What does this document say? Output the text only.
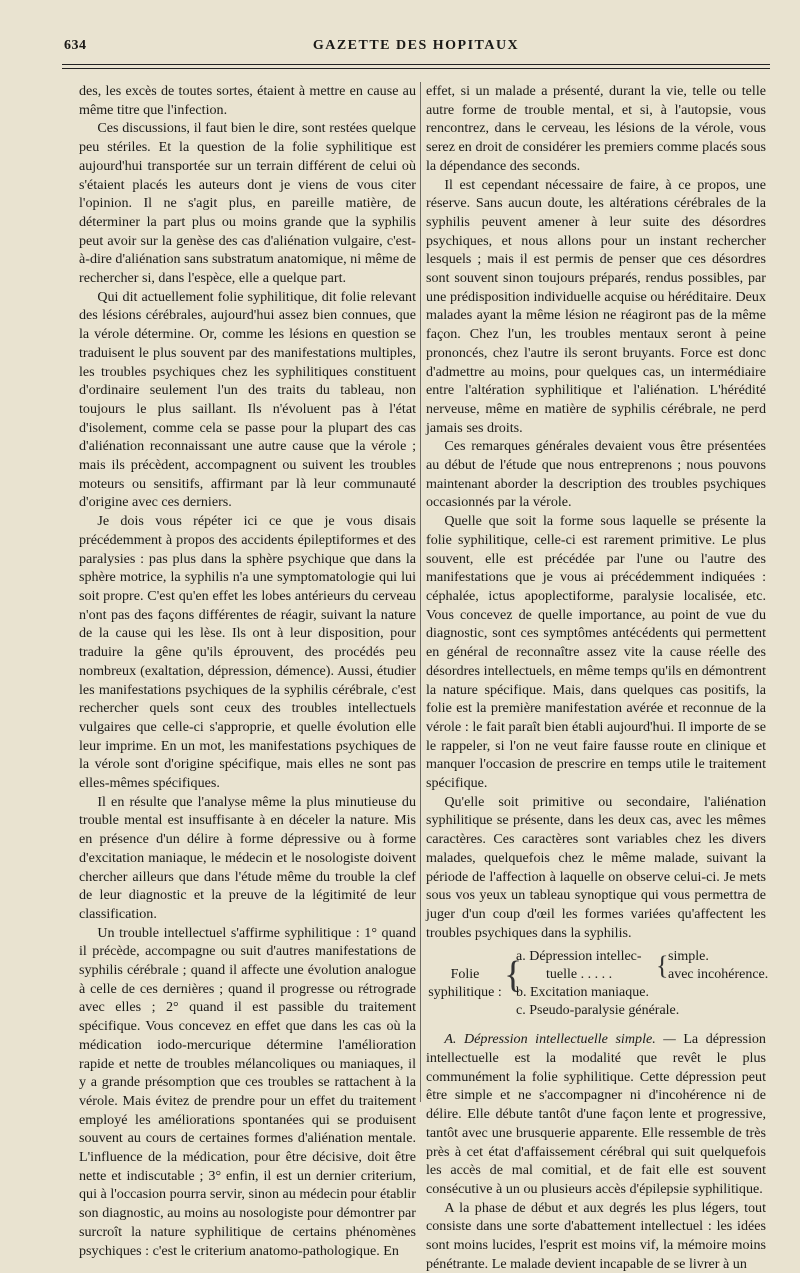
634	GAZETTE DES HOPITAUX

des, les excès de toutes sortes, étaient à mettre en cause au même titre que l'infection.

Ces discussions, il faut bien le dire, sont restées quelque peu stériles. Et la question de la folie syphilitique est aujourd'hui transportée sur un terrain différent de celui où s'étaient placés les auteurs dont je viens de vous citer l'opinion. Il ne s'agit plus, en pareille matière, de déterminer la part plus ou moins grande que la syphilis peut avoir sur la genèse des cas d'aliénation vulgaire, c'est-à-dire d'aliénation sans substratum anatomique, ni même de rechercher si, dans l'espèce, elle a quelque part.

Qui dit actuellement folie syphilitique, dit folie relevant des lésions cérébrales, aujourd'hui assez bien connues, que la vérole détermine. Or, comme les lésions en question se traduisent le plus souvent par des manifestations multiples, les troubles psychiques chez les syphilitiques constituent d'ordinaire seulement l'un des traits du tableau, non toujours le plus saillant. Ils n'évoluent pas à l'état d'isolement, comme cela se passe pour la plupart des cas d'aliénation reconnaissant une autre cause que la vérole ; mais ils précèdent, accompagnent ou suivent les troubles moteurs ou sensitifs, affirmant par là leur communauté d'origine avec ces derniers.

Je dois vous répéter ici ce que je vous disais précédemment à propos des accidents épileptiformes et des paralysies : pas plus dans la sphère psychique que dans la sphère motrice, la syphilis n'a une symptomatologie qui lui soit propre. C'est qu'en effet les lobes antérieurs du cerveau n'ont pas des façons différentes de réagir, suivant la nature de la cause qui les lèse. Ils ont à leur disposition, pour traduire la gêne qu'ils éprouvent, des procédés peu nombreux (exaltation, dépression, démence). Aussi, étudier les manifestations psychiques de la syphilis cérébrale, c'est rechercher quels sont ceux des troubles intellectuels vulgaires que celle-ci s'approprie, et quelle évolution elle leur imprime. En un mot, les manifestations psychiques de la vérole sont d'origine spécifique, mais elles ne sont pas elles-mêmes spécifiques.

Il en résulte que l'analyse même la plus minutieuse du trouble mental est insuffisante à en déceler la nature. Mis en présence d'un délire à forme dépressive ou à forme d'excitation maniaque, le médecin et le nosologiste doivent chercher ailleurs que dans l'étude même du trouble la clef de leur diagnostic et la preuve de la légitimité de leur classification.

Un trouble intellectuel s'affirme syphilitique : 1° quand il précède, accompagne ou suit d'autres manifestations de syphilis cérébrale ; quand il affecte une évolution analogue à celle de ces dernières ; quand il progresse ou rétrograde avec elles ; 2° quand il est passible du traitement spécifique. Vous concevez en effet que dans les cas où la médication iodo-mercurique détermine l'amélioration rapide et nette de troubles mélancoliques ou maniaques, il y a grande présomption que ces troubles se rattachent à la vérole. Mais évitez de prendre pour un effet du traitement employé les améliorations spontanées qui se produisent souvent au cours de certaines formes d'aliénation mentale. L'influence de la médication, pour être décisive, doit être nette et indiscutable ; 3° enfin, il est un dernier criterium, qui à l'occasion pourra servir, sinon au médecin pour établir son diagnostic, au moins au nosologiste pour démontrer par surcroît la nature syphilitique de certains phénomènes psychiques : c'est le criterium anatomo-pathologique. En

effet, si un malade a présenté, durant la vie, telle ou telle autre forme de trouble mental, et si, à l'autopsie, vous rencontrez, dans le cerveau, les lésions de la vérole, vous serez en droit de considérer les premiers comme placés sous la dépendance des seconds.

Il est cependant nécessaire de faire, à ce propos, une réserve. Sans aucun doute, les altérations cérébrales de la syphilis peuvent amener à leur suite des désordres psychiques, et nous allons pour un instant rechercher lesquels ; mais il est permis de penser que ces désordres sont souvent sinon toujours préparés, rendus possibles, par une prédisposition individuelle acquise ou héréditaire. Deux malades ayant la même lésion ne réagiront pas de la même façon. Chez l'un, les troubles mentaux seront à peine prononcés, chez l'autre ils seront bruyants. Force est donc d'admettre au moins, pour quelques cas, un intermédiaire entre l'altération syphilitique et l'aliénation. L'hérédité nerveuse, même en matière de syphilis cérébrale, ne perd jamais ses droits.

Ces remarques générales devaient vous être présentées au début de l'étude que nous entreprenons ; nous pouvons maintenant aborder la description des troubles psychiques occasionnés par la vérole.

Quelle que soit la forme sous laquelle se présente la folie syphilitique, celle-ci est rarement primitive. Le plus souvent, elle est précédée par l'une ou l'autre des manifestations que je vous ai précédemment indiquées : céphalée, ictus apoplectiforme, paralysie localisée, etc. Vous concevez de quelle importance, au point de vue du diagnostic, sont ces symptômes antécédents qui permettent en général de reconnaître assez vite la cause réelle des désordres intellectuels, en même temps qu'ils en démontrent la nature spécifique. Mais, dans quelques cas positifs, la folie est la première manifestation avérée et reconnue de la vérole : le fait paraît bien établi aujourd'hui. Il importe de se le rappeler, si l'on ne veut faire fausse route en clinique et manquer l'occasion de prescrire en temps utile le traitement spécifique.

Qu'elle soit primitive ou secondaire, l'aliénation syphilitique se présente, dans les deux cas, avec les mêmes caractères. Ces caractères sont variables chez les divers malades, quelquefois chez le même malade, suivant la période de l'affection à laquelle on observe celui-ci. Je mets sous vos yeux un tableau synoptique qui vous permettra de juger d'un coup d'œil les formes variées qu'affectent les troubles psychiques dans la syphilis.

Folie
syphilitique : {
a. Dépression intellec-
tuelle . . . . .
b. Excitation maniaque.
c. Pseudo-paralysie générale.
{ simple.
avec incohérence.

A. Dépression intellectuelle simple. — La dépression intellectuelle est la modalité que revêt le plus communément la folie syphilitique. Cette dépression peut être simple et ne s'accompagner ni d'incohérence ni de délire. Elle débute tantôt d'une façon lente et progressive, tantôt avec une brusquerie apparente. Elle ressemble de très près à cet état d'affaissement cérébral qui suit quelquefois les accès de mal comitial, et de fait elle est souvent consécutive à un ou plusieurs accès d'épilepsie syphilitique.

A la phase de début et aux degrés les plus légers, tout consiste dans une sorte d'abattement intellectuel : les idées sont moins lucides, l'esprit est moins vif, la mémoire moins pénétrante. Le malade devient incapable de se livrer à un
